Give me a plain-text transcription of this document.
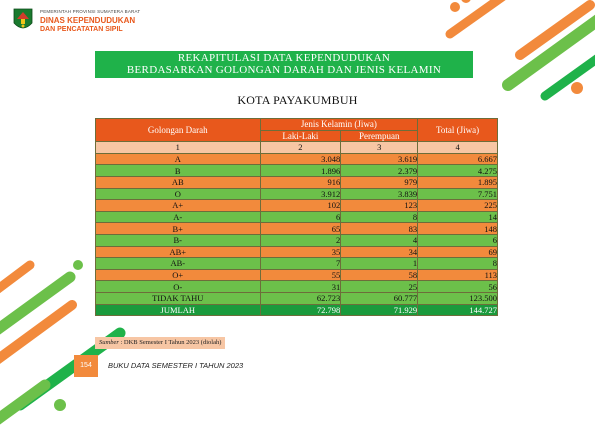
PEMERINTAH PROVINSI SUMATERA BARAT
DINAS KEPENDUDUKAN
DAN PENCATATAN SIPIL
REKAPITULASI DATA KEPENDUDUKAN
BERDASARKAN GOLONGAN DARAH DAN JENIS KELAMIN
KOTA PAYAKUMBUH
Golongan Darah	Jenis Kelamin (Jiwa)		Total (Jiwa)
	Laki-Laki	Perempuan	
1	2	3	4
A	3.048	3.619	6.667
B	1.896	2.379	4.275
AB	916	979	1.895
O	3.912	3.839	7.751
A+	102	123	225
A-	6	8	14
B+	65	83	148
B-	2	4	6
AB+	35	34	69
AB-	7	1	8
O+	55	58	113
O-	31	25	56
TIDAK TAHU	62.723	60.777	123.500
JUMLAH	72.798	71.929	144.727
Sumber : DKB Semester I Tahun 2023 (diolah)
154	BUKU DATA SEMESTER I TAHUN 2023
